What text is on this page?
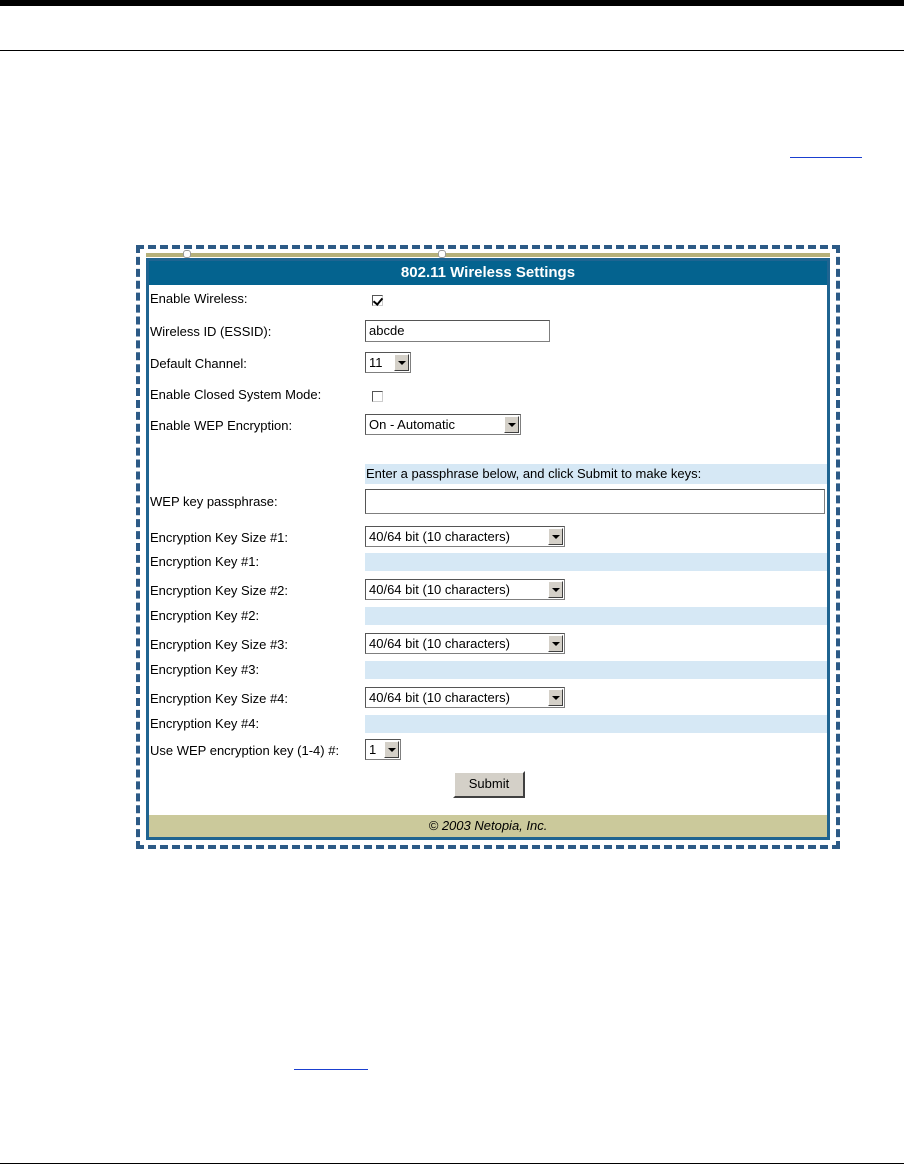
802.11 Wireless Settings
Enable Wireless:
Wireless ID (ESSID):	abcde
Default Channel:	11
Enable Closed System Mode:
Enable WEP Encryption:	On - Automatic
Enter a passphrase below, and click Submit to make keys:
WEP key passphrase:
Encryption Key Size #1:	40/64 bit (10 characters)
Encryption Key #1:
Encryption Key Size #2:	40/64 bit (10 characters)
Encryption Key #2:
Encryption Key Size #3:	40/64 bit (10 characters)
Encryption Key #3:
Encryption Key Size #4:	40/64 bit (10 characters)
Encryption Key #4:
Use WEP encryption key (1-4) #:	1
Submit
© 2003 Netopia, Inc.
